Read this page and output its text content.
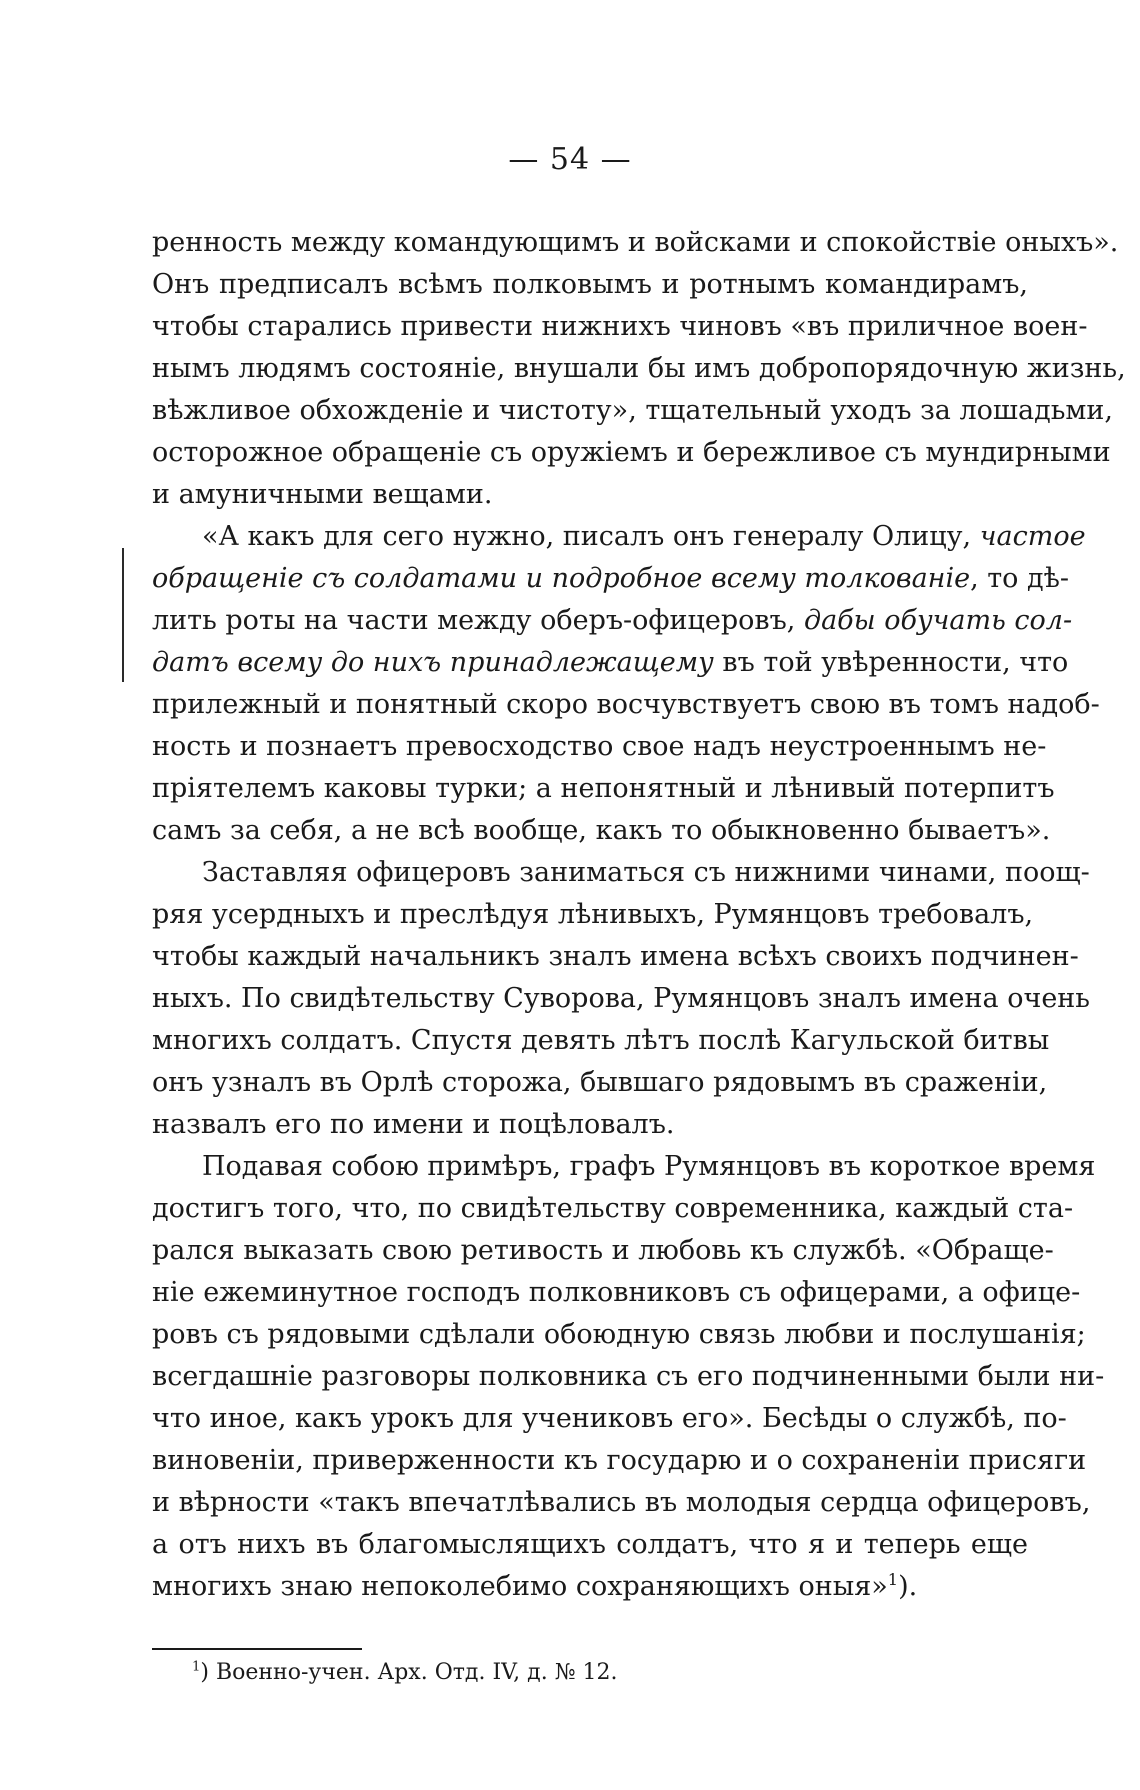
— 54 —
ренность между командующимъ и войсками и спокойствіе оныхъ».
Онъ предписалъ всѣмъ полковымъ и ротнымъ командирамъ,
чтобы старались привести нижнихъ чиновъ «въ приличное воен-
нымъ людямъ состояніе, внушали бы имъ добропорядочную жизнь,
вѣжливое обхожденіе и чистоту», тщательный уходъ за лошадьми,
осторожное обращеніе съ оружіемъ и бережливое съ мундирными
и амуничными вещами.
«А какъ для сего нужно, писалъ онъ генералу Олицу, частое
обращеніе съ солдатами и подробное всему толкованіе, то дѣ-
лить роты на части между оберъ-офицеровъ, дабы обучать сол-
датъ всему до нихъ принадлежащему въ той увѣренности, что
прилежный и понятный скоро восчувствуетъ свою въ томъ надоб-
ность и познаетъ превосходство свое надъ неустроеннымъ не-
пріятелемъ каковы турки; а непонятный и лѣнивый потерпитъ
самъ за себя, а не всѣ вообще, какъ то обыкновенно бываетъ».
Заставляя офицеровъ заниматься съ нижними чинами, поощ-
ряя усердныхъ и преслѣдуя лѣнивыхъ, Румянцовъ требовалъ,
чтобы каждый начальникъ зналъ имена всѣхъ своихъ подчинен-
ныхъ. По свидѣтельству Суворова, Румянцовъ зналъ имена очень
многихъ солдатъ. Спустя девять лѣтъ послѣ Кагульской битвы
онъ узналъ въ Орлѣ сторожа, бывшаго рядовымъ въ сраженіи,
назвалъ его по имени и поцѣловалъ.
Подавая собою примѣръ, графъ Румянцовъ въ короткое время
достигъ того, что, по свидѣтельству современника, каждый ста-
рался выказать свою ретивость и любовь къ службѣ. «Обраще-
ніе ежеминутное господъ полковниковъ съ офицерами, а офице-
ровъ съ рядовыми сдѣлали обоюдную связь любви и послушанія;
всегдашніе разговоры полковника съ его подчиненными были ни-
что иное, какъ урокъ для учениковъ его». Бесѣды о службѣ, по-
виновеніи, приверженности къ государю и о сохраненіи присяги
и вѣрности «такъ впечатлѣвались въ молодыя сердца офицеровъ,
а отъ нихъ въ благомыслящихъ солдатъ, что я и теперь еще
многихъ знаю непоколебимо сохраняющихъ оныя»$^1$).
$^1$) Военно-учен. Арх. Отд. IV, д. № 12.
